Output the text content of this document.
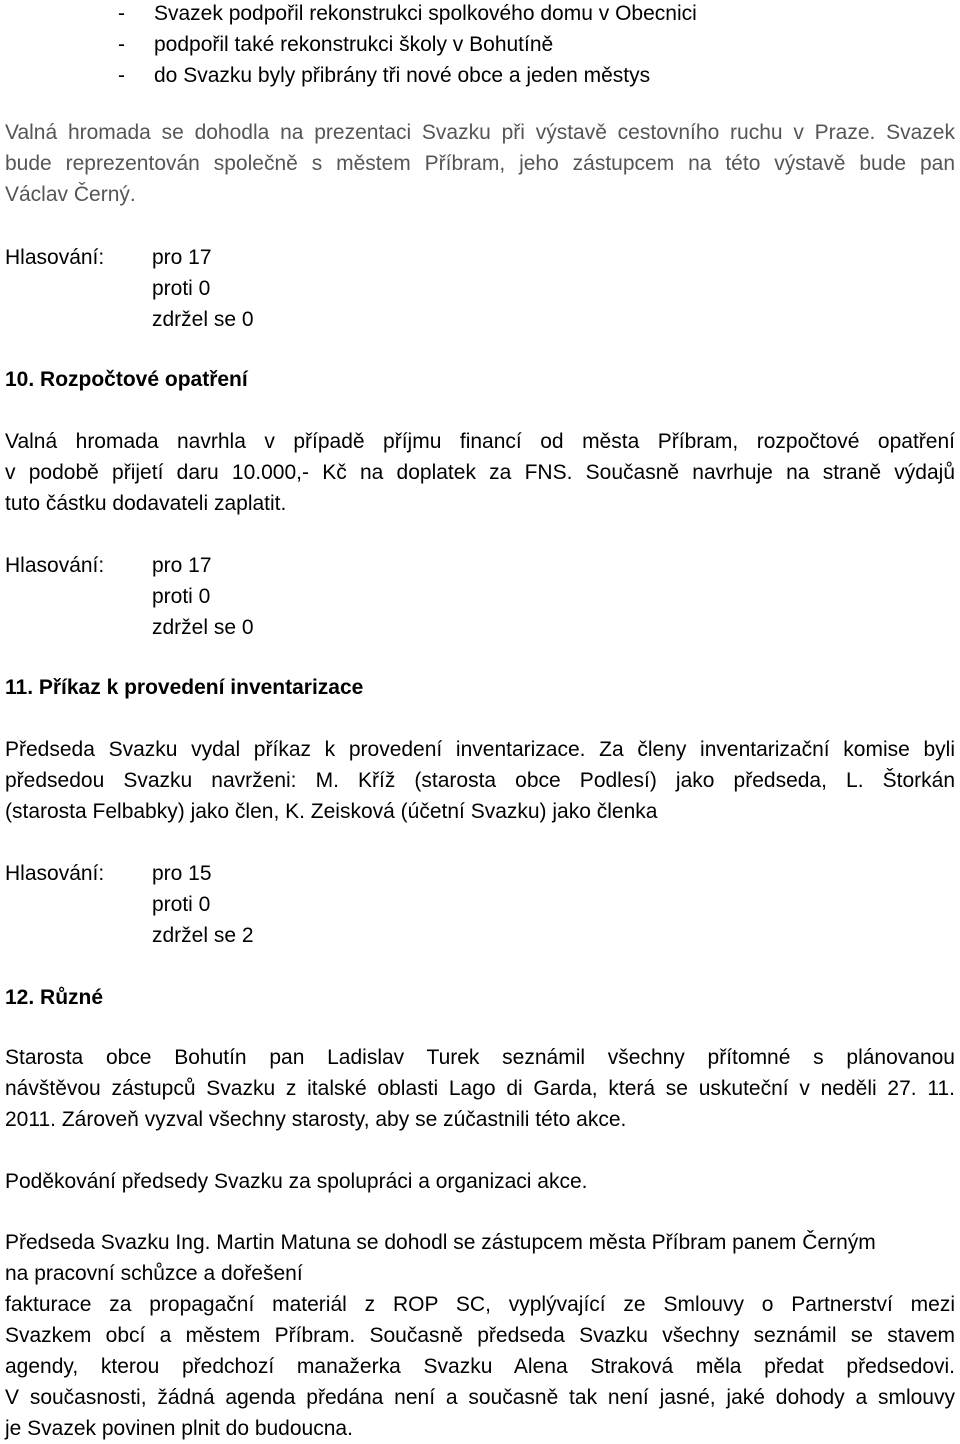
- Svazek podpořil rekonstrukci spolkového domu v Obecnici
- podpořil také rekonstrukci školy v Bohutíně
- do Svazku byly přibrány tři nové obce a jeden městys
Valná hromada se dohodla na prezentaci Svazku při výstavě cestovního ruchu v Praze. Svazek
bude reprezentován společně s městem Příbram, jeho zástupcem na této výstavě bude pan
Václav Černý.
Hlasování: pro 17
proti 0
zdržel se 0
10. Rozpočtové opatření
Valná hromada navrhla v případě příjmu financí od města Příbram, rozpočtové opatření
v podobě přijetí daru 10.000,- Kč na doplatek za FNS. Současně navrhuje na straně výdajů
tuto částku dodavateli zaplatit.
Hlasování: pro 17
proti 0
zdržel se 0
11. Příkaz k provedení inventarizace
Předseda Svazku vydal příkaz k provedení inventarizace. Za členy inventarizační komise byli
předsedou Svazku navrženi: M. Kříž (starosta obce Podlesí) jako předseda, L. Štorkán
(starosta Felbabky) jako člen, K. Zeisková (účetní Svazku) jako členka
Hlasování: pro 15
proti 0
zdržel se 2
12. Různé
Starosta obce Bohutín pan Ladislav Turek seznámil všechny přítomné s plánovanou
návštěvou zástupců Svazku z italské oblasti Lago di Garda, která se uskuteční v neděli 27. 11.
2011. Zároveň vyzval všechny starosty, aby se zúčastnili této akce.
Poděkování předsedy Svazku za spolupráci a organizaci akce.
Předseda Svazku Ing. Martin Matuna se dohodl se zástupcem města Příbram panem Černým
na pracovní schůzce a dořešení
fakturace za propagační materiál z ROP SC, vyplývající ze Smlouvy o Partnerství mezi
Svazkem obcí a městem Příbram. Současně předseda Svazku všechny seznámil se stavem
agendy, kterou předchozí manažerka Svazku Alena Straková měla předat předsedovi.
V současnosti, žádná agenda předána není a současně tak není jasné, jaké dohody a smlouvy
je Svazek povinen plnit do budoucna.
